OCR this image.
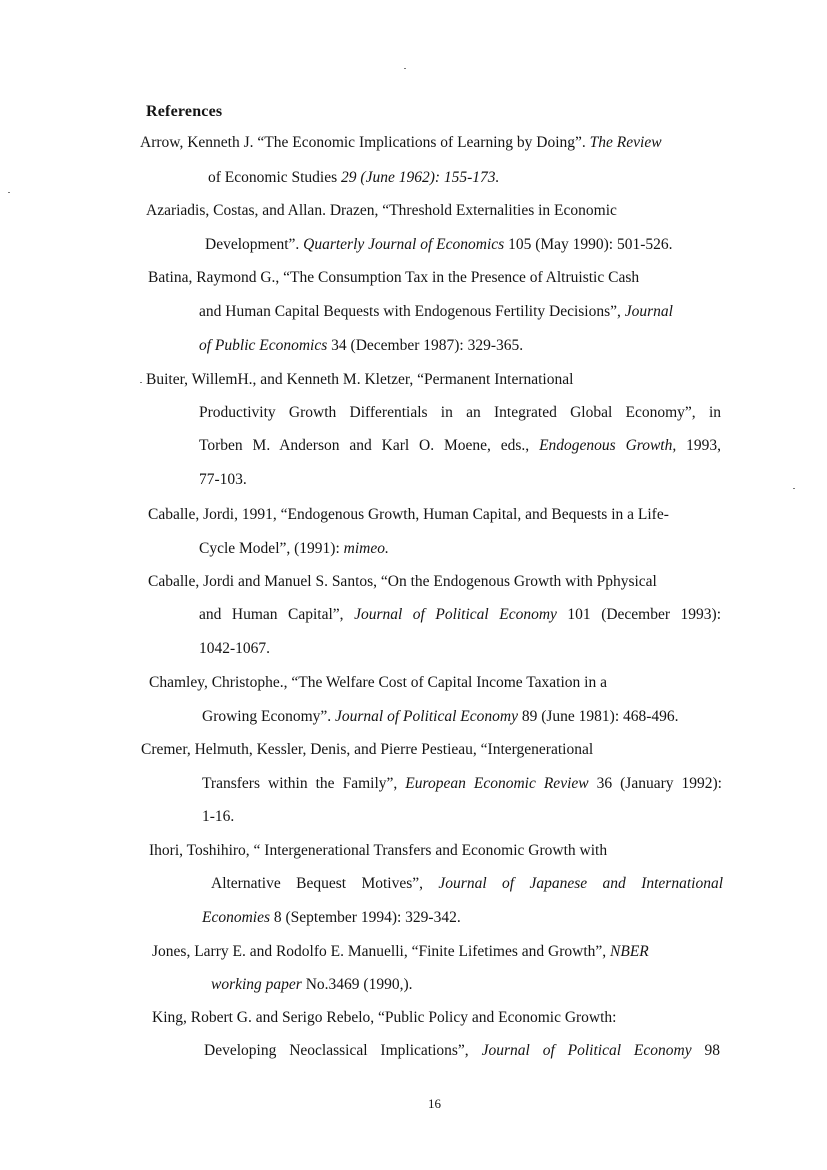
References
Arrow, Kenneth J. “The Economic Implications of Learning by Doing”. The Review
of Economic Studies 29 (June 1962): 155-173.
Azariadis, Costas, and Allan. Drazen, “Threshold Externalities in Economic
Development”. Quarterly Journal of Economics 105 (May 1990): 501-526.
Batina, Raymond G., “The Consumption Tax in the Presence of Altruistic Cash
and Human Capital Bequests with Endogenous Fertility Decisions”, Journal
of Public Economics 34 (December 1987): 329-365.
Buiter, WillemH., and Kenneth M. Kletzer, “Permanent International
Productivity Growth Differentials in an Integrated Global Economy”, in
Torben M. Anderson and Karl O. Moene, eds., Endogenous Growth, 1993,
77-103.
Caballe, Jordi, 1991, “Endogenous Growth, Human Capital, and Bequests in a Life-
Cycle Model”, (1991): mimeo.
Caballe, Jordi and Manuel S. Santos, “On the Endogenous Growth with Pphysical
and Human Capital”, Journal of Political Economy 101 (December 1993):
1042-1067.
Chamley, Christophe., “The Welfare Cost of Capital Income Taxation in a
Growing Economy”. Journal of Political Economy 89 (June 1981): 468-496.
Cremer, Helmuth, Kessler, Denis, and Pierre Pestieau, “Intergenerational
Transfers within the Family”, European Economic Review 36 (January 1992):
1-16.
Ihori, Toshihiro, “ Intergenerational Transfers and Economic Growth with
Alternative Bequest Motives”, Journal of Japanese and International
Economies 8 (September 1994): 329-342.
Jones, Larry E. and Rodolfo E. Manuelli, “Finite Lifetimes and Growth”, NBER
working paper No.3469 (1990,).
King, Robert G. and Serigo Rebelo, “Public Policy and Economic Growth:
Developing Neoclassical Implications”, Journal of Political Economy 98
16
